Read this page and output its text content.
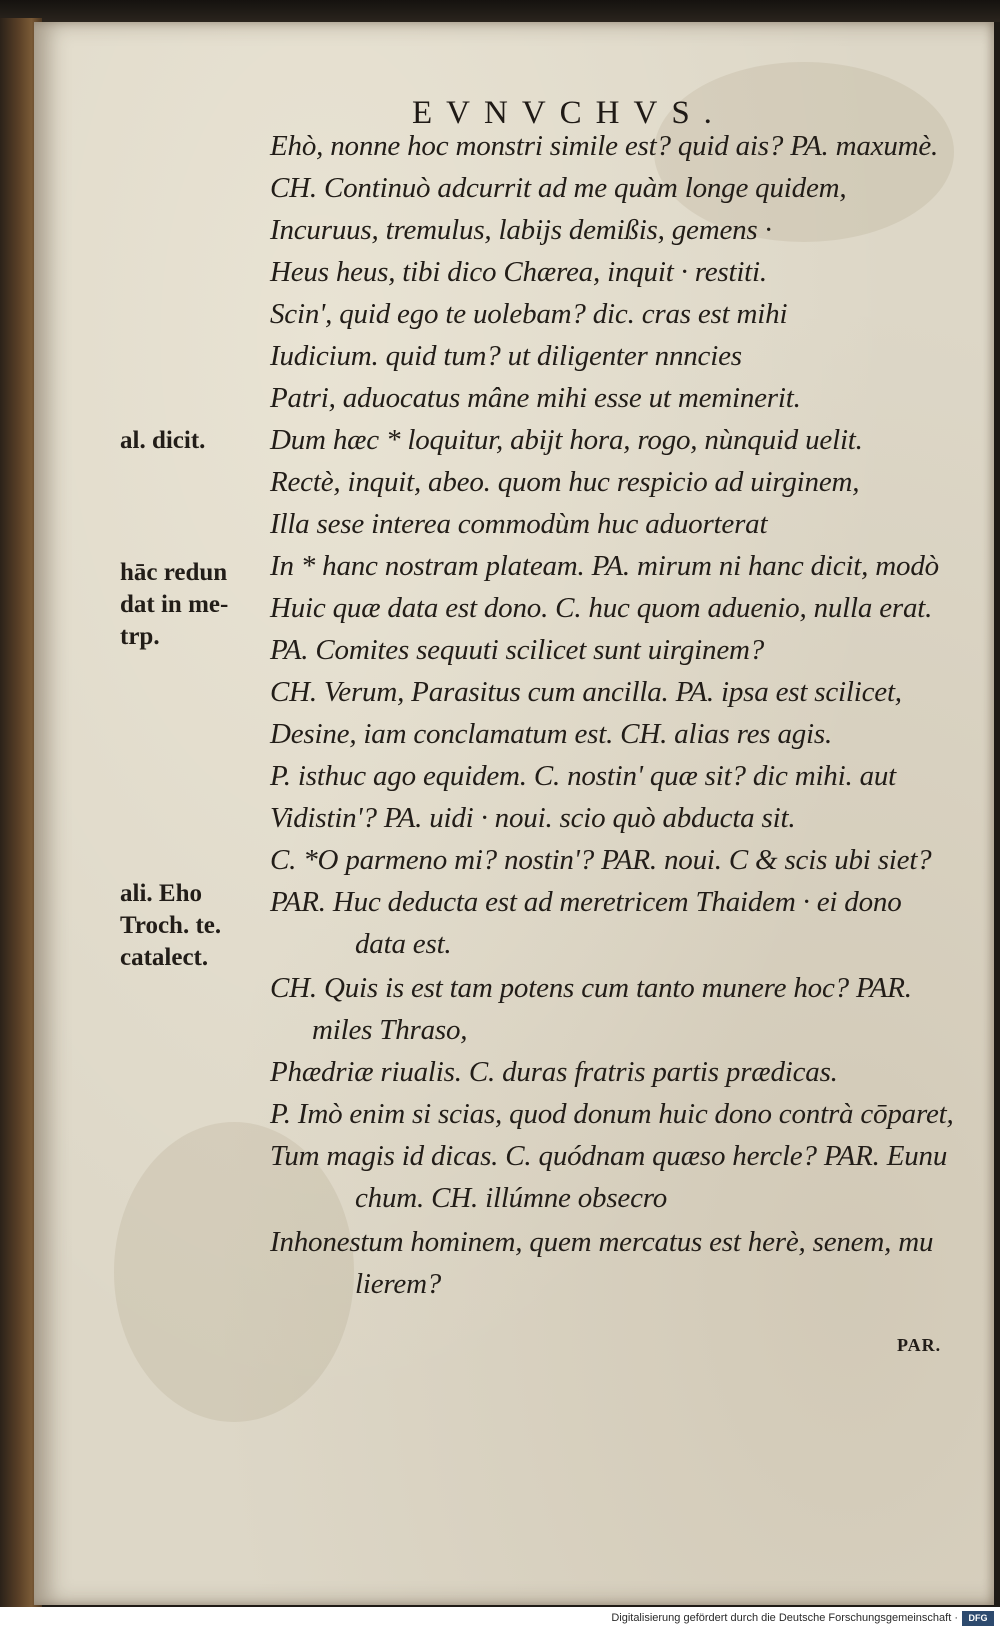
EVNVCHVS.
Ehò, nonne hoc monstri simile est? quid ais? PA. maxumè.
CH. Continuò adcurrit ad me quàm longe quidem,
Incuruus, tremulus, labijs demißis, gemens ·
Heus heus, tibi dico Chærea, inquit · restiti.
Scin', quid ego te uolebam? dic. cras est mihi
Iudicium. quid tum? ut diligenter nnncies
Patri, aduocatus mâne mihi esse ut meminerit.
Dum hæc * loquitur, abijt hora, rogo, nùnquid uelit.
Rectè, inquit, abeo. quom huc respicio ad uirginem,
Illa sese interea commodùm huc aduorterat
In * hanc nostram plateam. PA. mirum ni hanc dicit, modò
Huic quæ data est dono. C. huc quom aduenio, nulla erat.
PA. Comites sequuti scilicet sunt uirginem?
CH. Verum, Parasitus cum ancilla. PA. ipsa est scilicet,
Desine, iam conclamatum est. CH. alias res agis.
P. isthuc ago equidem. C. nostin' quæ sit? dic mihi. aut
Vidistin'? PA. uidi · noui. scio quò abducta sit.
C. *O parmeno mi? nostin'? PAR. noui. C & scis ubi siet?
PAR. Huc deducta est ad meretricem Thaidem · ei dono
data est.
CH. Quis is est tam potens cum tanto munere hoc? PAR.
miles Thraso,
Phædriæ riualis. C. duras fratris partis prædicas.
P. Imò enim si scias, quod donum huic dono contrà cōparet,
Tum magis id dicas. C. quódnam quæso hercle? PAR. Eunu
chum. CH. illúmne obsecro
Inhonestum hominem, quem mercatus est herè, senem, mu
lierem?
al. dicit.
hāc redun
dat in me-
trp.
ali. Eho
Troch. te.
catalect.
PAR.
Digitalisierung gefördert durch die Deutsche Forschungsgemeinschaft ·	DFG
